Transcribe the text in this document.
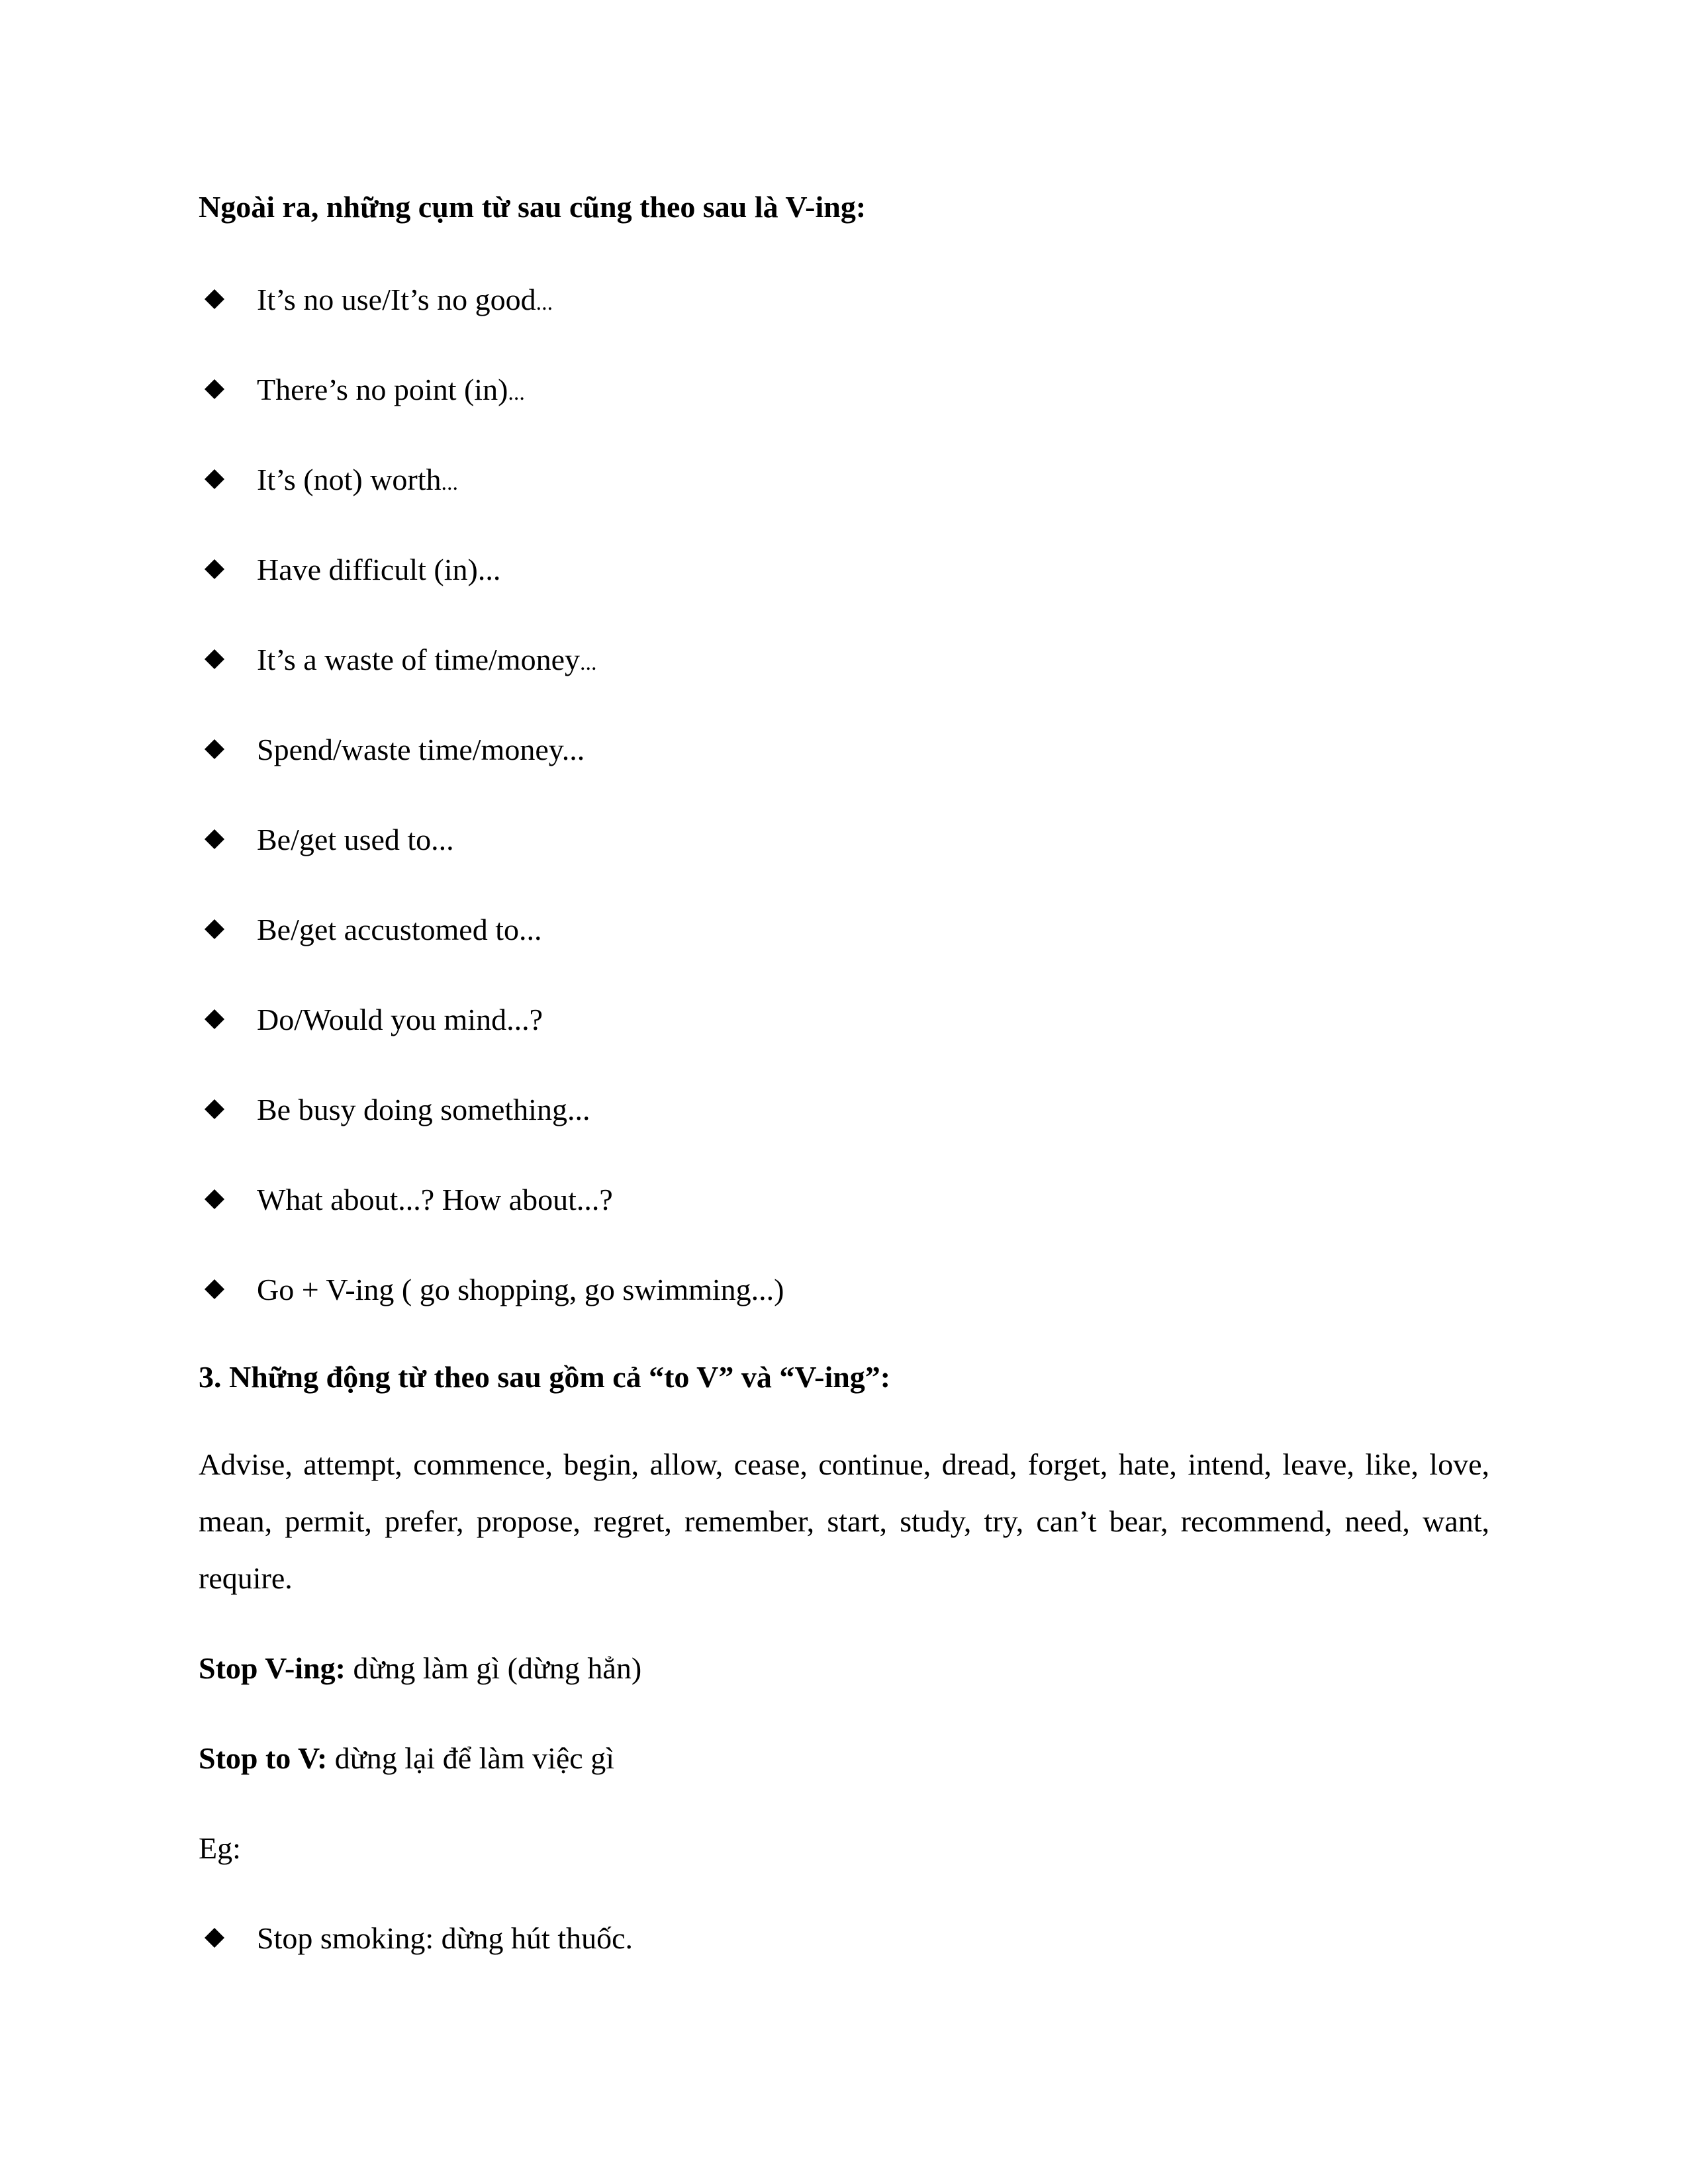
Ngoài ra, những cụm từ sau cũng theo sau là V-ing:

It’s no use/It’s no good...
There’s no point (in)...
It’s (not) worth...
Have difficult (in)...
It’s a waste of time/money...
Spend/waste time/money...
Be/get used to...
Be/get accustomed to...
Do/Would you mind...?
Be busy doing something...
What about...? How about...?
Go + V-ing ( go shopping, go swimming...)

3. Những động từ theo sau gồm cả “to V” và “V-ing”:

Advise, attempt, commence, begin, allow, cease, continue, dread, forget, hate, intend, leave, like, love, mean, permit, prefer, propose, regret, remember, start, study, try, can’t bear, recommend, need, want, require.

Stop V-ing: dừng làm gì (dừng hẳn)

Stop to V: dừng lại để làm việc gì

Eg:

Stop smoking: dừng hút thuốc.
